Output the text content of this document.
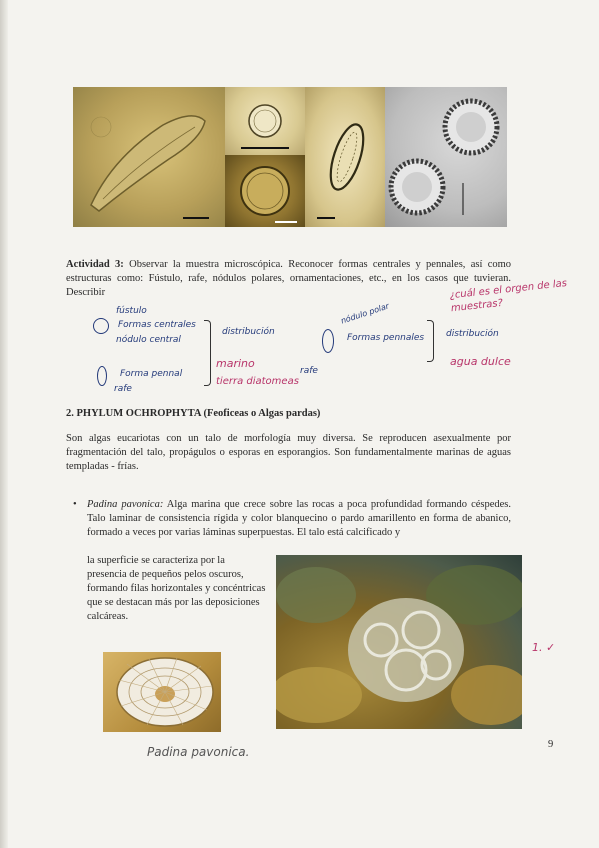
Actividad 3: Observar la muestra microscópica. Reconocer formas centrales y pennales, así como estructuras como: Fústulo, rafe, nódulos polares, ornamentaciones, etc., en los casos que tuvieran. Describir	¿cuál es el orgen de las muestras?
fústulo
Formas centrales
nódulo central
distribución
marino
tierra diatomeas
Forma pennal
rafe
nódulo polar
Formas pennales
rafe
distribución
agua dulce

2. PHYLUM OCHROPHYTA (Feoficeas o Algas pardas)

Son algas eucariotas con un talo de morfología muy diversa. Se reproducen asexualmente por fragmentación del talo, propágulos o esporas en esporangios. Son fundamentalmente marinas de aguas templadas - frías.

• Padina pavonica: Alga marina que crece sobre las rocas a poca profundidad formando céspedes. Talo laminar de consistencia rígida y color blanquecino o pardo amarillento en forma de abanico, formado a veces por varias láminas superpuestas. El talo está calcificado y

la superficie se caracteriza por la presencia de pequeños pelos oscuros, formando filas horizontales y concéntricas que se destacan más por las deposiciones calcáreas.

1. ✓
Padina pavonica.
9
